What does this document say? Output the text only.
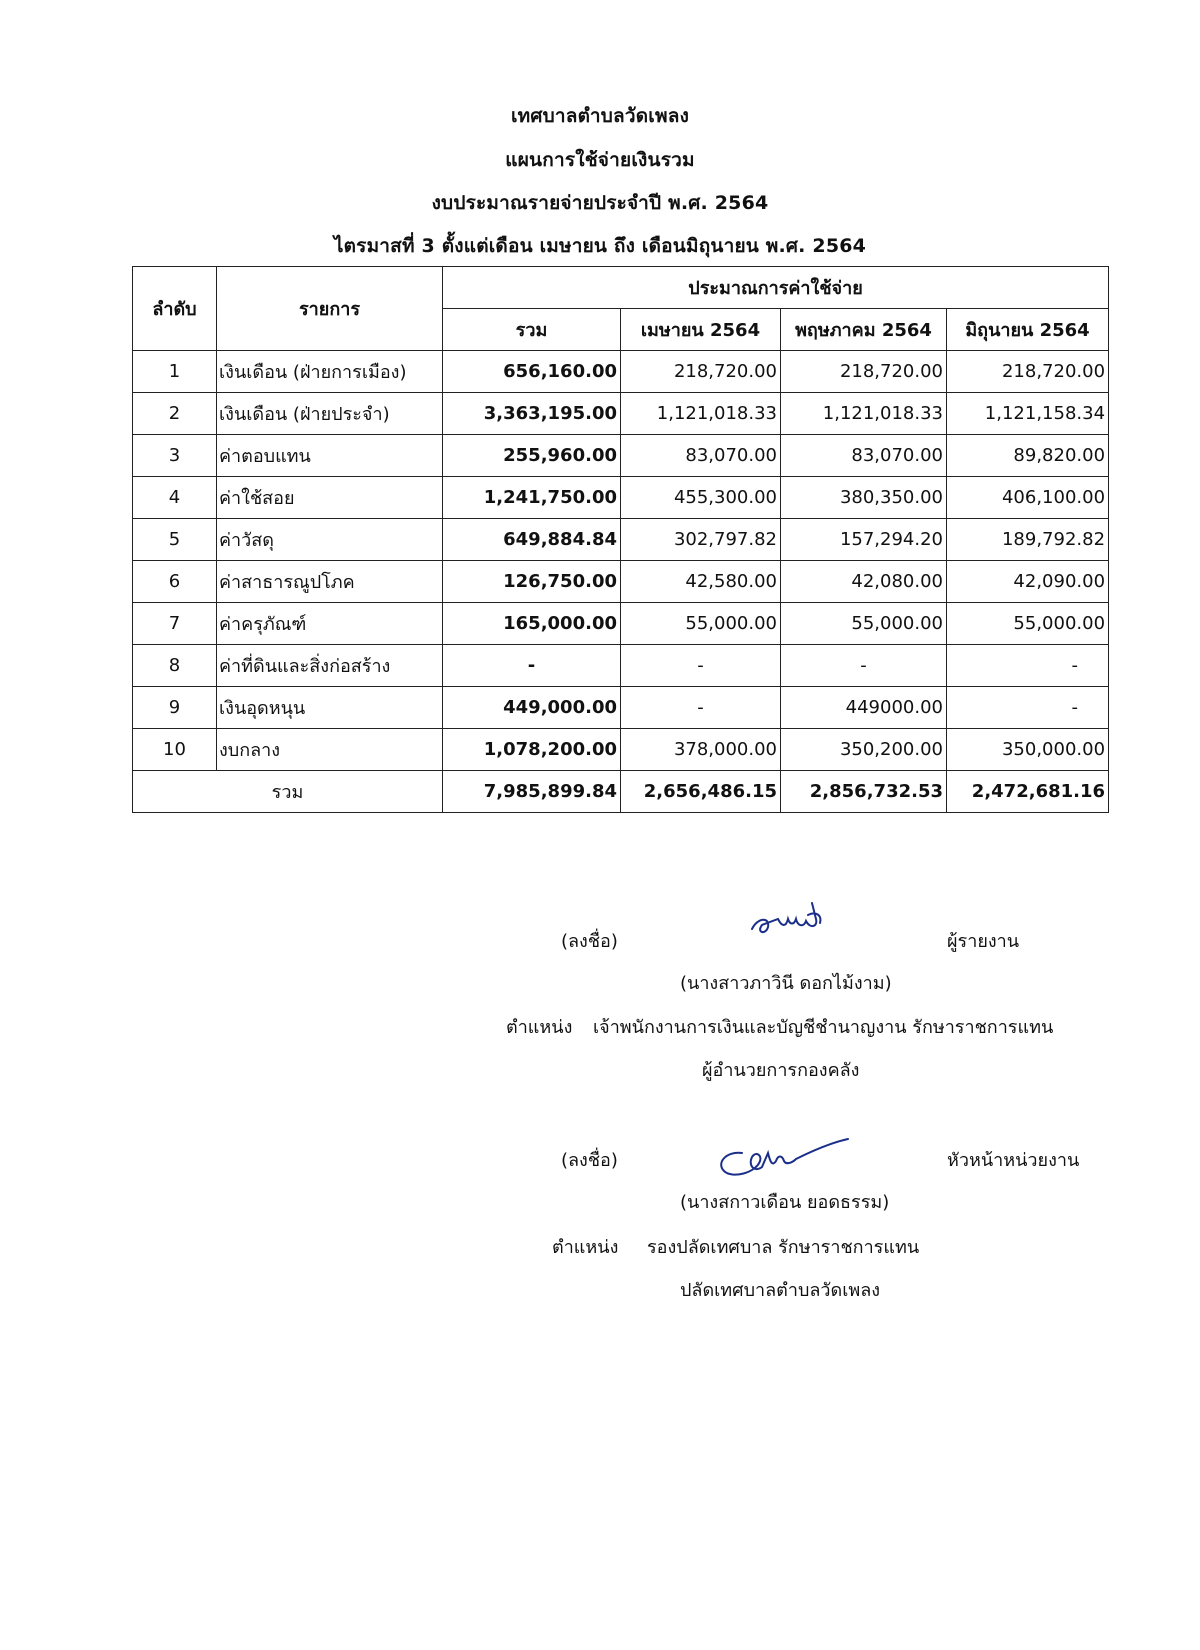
เทศบาลตำบลวัดเพลง
แผนการใช้จ่ายเงินรวม
งบประมาณรายจ่ายประจำปี พ.ศ. 2564
ไตรมาสที่ 3 ตั้งแต่เดือน เมษายน ถึง เดือนมิถุนายน พ.ศ. 2564
ลำดับ	รายการ	ประมาณการค่าใช้จ่าย			
		รวม	เมษายน 2564	พฤษภาคม 2564	มิถุนายน 2564
1	เงินเดือน (ฝ่ายการเมือง)	656,160.00	218,720.00	218,720.00	218,720.00
2	เงินเดือน (ฝ่ายประจำ)	3,363,195.00	1,121,018.33	1,121,018.33	1,121,158.34
3	ค่าตอบแทน	255,960.00	83,070.00	83,070.00	89,820.00
4	ค่าใช้สอย	1,241,750.00	455,300.00	380,350.00	406,100.00
5	ค่าวัสดุ	649,884.84	302,797.82	157,294.20	189,792.82
6	ค่าสาธารณูปโภค	126,750.00	42,580.00	42,080.00	42,090.00
7	ค่าครุภัณฑ์	165,000.00	55,000.00	55,000.00	55,000.00
8	ค่าที่ดินและสิ่งก่อสร้าง	-	-	-	-
9	เงินอุดหนุน	449,000.00	-	449000.00	-
10	งบกลาง	1,078,200.00	378,000.00	350,200.00	350,000.00
รวม		7,985,899.84	2,656,486.15	2,856,732.53	2,472,681.16
(ลงชื่อ)	ผู้รายงาน
(นางสาวภาวินี ดอกไม้งาม)
ตำแหน่ง เจ้าพนักงานการเงินและบัญชีชำนาญงาน รักษาราชการแทน
ผู้อำนวยการกองคลัง
(ลงชื่อ)	หัวหน้าหน่วยงาน
(นางสกาวเดือน ยอดธรรม)
ตำแหน่ง รองปลัดเทศบาล รักษาราชการแทน
ปลัดเทศบาลตำบลวัดเพลง
